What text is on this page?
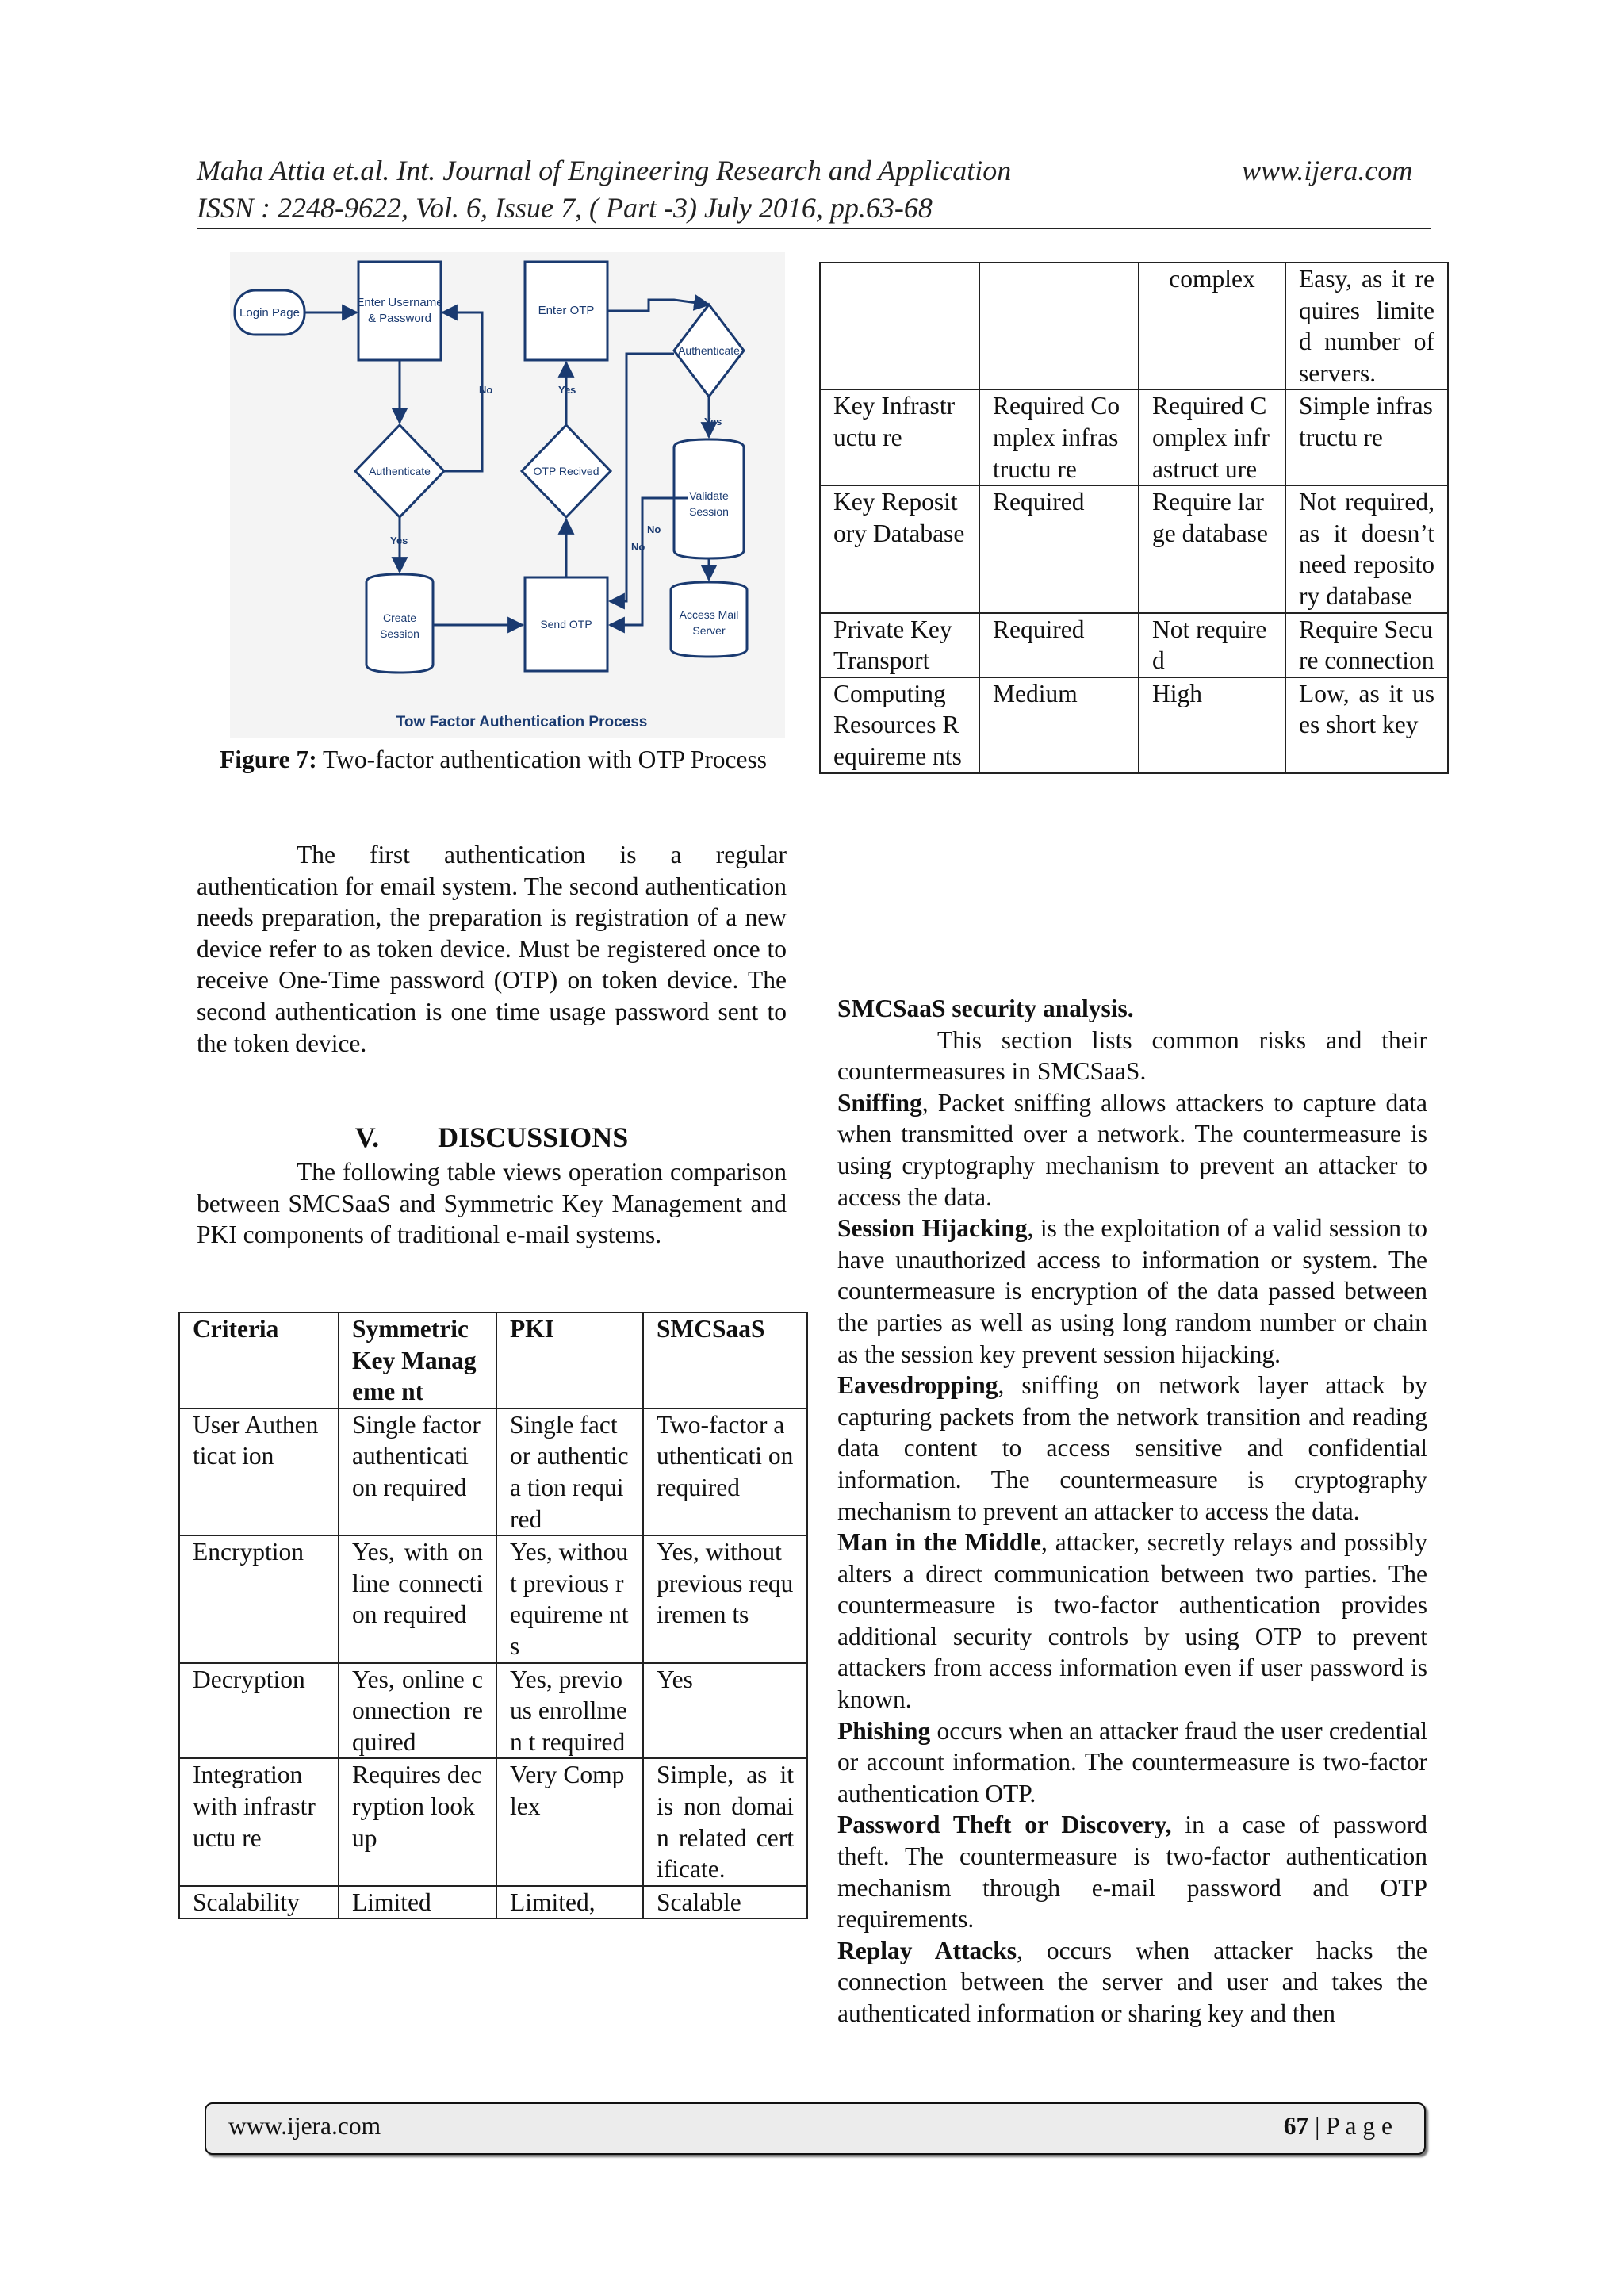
Maha Attia et.al. Int. Journal of Engineering Research and Application	www.ijera.com
ISSN : 2248-9622, Vol. 6, Issue 7, ( Part -3) July 2016, pp.63-68
Login Page
Enter Username
& Password
Enter OTP
Authenticate
Authenticate	OTP Recived
Validate
Session
Create
Session
Send OTP
Access Mail
Server
No
Yes
Yes
Yes
No
No
Tow Factor Authentication Process
Figure 7: Two-factor authentication with OTP Process
The first authentication is a regular authentication for email system. The second authentication needs preparation, the preparation is registration of a new device refer to as token device. Must be registered once to receive One-Time password (OTP) on token device. The second authentication is one time usage password sent to the token device.
V. DISCUSSIONS
The following table views operation comparison between SMCSaaS and Symmetric Key Management and PKI components of traditional e-mail systems.
Criteria	Symmetric Key Manageme nt	PKI	SMCSaaS
User Authenticat ion	Single factor authenticati on required	Single factor authentica tion required	Two-factor authenticati on required
Encryption	Yes, with online connection required	Yes, without previous requireme nts	Yes, without previous requiremen ts
Decryption	Yes, online connection required	Yes, previous enrollmen t required	Yes
Integration with infrastructu re	Requires decryption lookup	Very Complex	Simple, as it is non domain related certificate.
Scalability	Limited	Limited,	Scalable
		complex	Easy, as it requires limited number of servers.
Key Infrastructu re	Required Complex infrastructu re	Required Complex infrastruct ure	Simple infrastructu re
Key Repository Database	Required	Require large database	Not required, as it doesn’t need repository database
Private Key Transport	Required	Not required	Require Secure connection
Computing Resources Requireme nts	Medium	High	Low, as it uses short key

SMCSaaS security analysis.

This section lists common risks and their countermeasures in SMCSaaS.

Sniffing, Packet sniffing allows attackers to capture data when transmitted over a network. The countermeasure is using cryptography mechanism to prevent an attacker to access the data.

Session Hijacking, is the exploitation of a valid session to have unauthorized access to information or system. The countermeasure is encryption of the data passed between the parties as well as using long random number or chain as the session key prevent session hijacking.

Eavesdropping, sniffing on network layer attack by capturing packets from the network transition and reading data content to access sensitive and confidential information. The countermeasure is cryptography mechanism to prevent an attacker to access the data.

Man in the Middle, attacker, secretly relays and possibly alters a direct communication between two parties. The countermeasure is two-factor authentication provides additional security controls by using OTP to prevent attackers from access information even if user password is known.

Phishing occurs when an attacker fraud the user credential or account information. The countermeasure is two-factor authentication OTP.

Password Theft or Discovery, in a case of password theft. The countermeasure is two-factor authentication mechanism through e-mail password and OTP requirements.

Replay Attacks, occurs when attacker hacks the connection between the server and user and takes the authenticated information or sharing key and then

www.ijera.com	67 | P a g e
